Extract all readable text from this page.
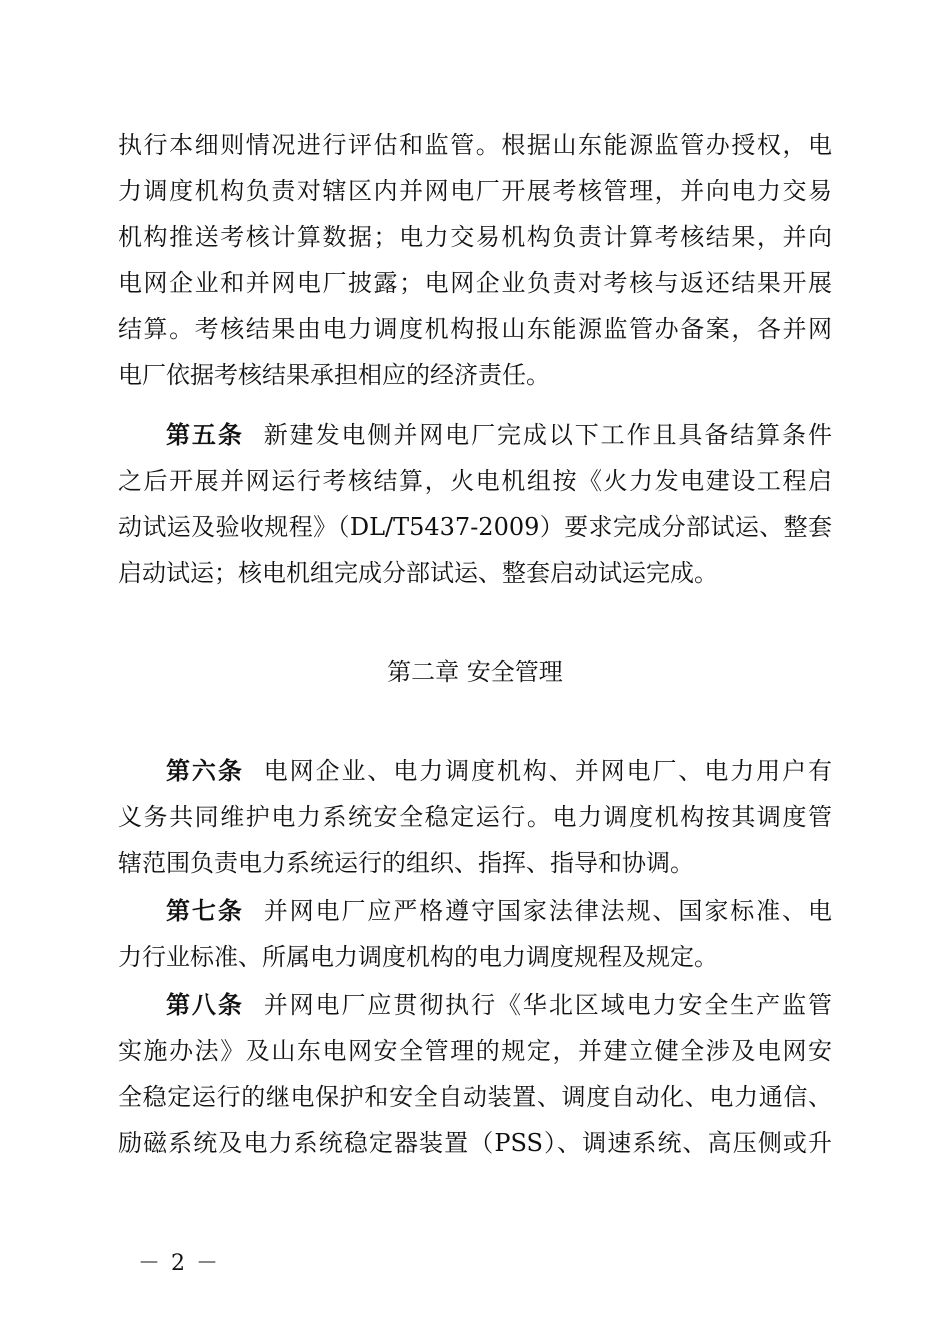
执行本细则情况进行评估和监管。根据山东能源监管办授权，电
力调度机构负责对辖区内并网电厂开展考核管理，并向电力交易
机构推送考核计算数据；电力交易机构负责计算考核结果，并向
电网企业和并网电厂披露；电网企业负责对考核与返还结果开展
结算。考核结果由电力调度机构报山东能源监管办备案，各并网
电厂依据考核结果承担相应的经济责任。
第五条 新建发电侧并网电厂完成以下工作且具备结算条件
之后开展并网运行考核结算，火电机组按《火力发电建设工程启
动试运及验收规程》（DL/T5437-2009）要求完成分部试运、整套
启动试运；核电机组完成分部试运、整套启动试运完成。
第二章 安全管理
第六条 电网企业、电力调度机构、并网电厂、电力用户有
义务共同维护电力系统安全稳定运行。电力调度机构按其调度管
辖范围负责电力系统运行的组织、指挥、指导和协调。
第七条 并网电厂应严格遵守国家法律法规、国家标准、电
力行业标准、所属电力调度机构的电力调度规程及规定。
第八条 并网电厂应贯彻执行《华北区域电力安全生产监管
实施办法》及山东电网安全管理的规定，并建立健全涉及电网安
全稳定运行的继电保护和安全自动装置、调度自动化、电力通信、
励磁系统及电力系统稳定器装置（PSS）、调速系统、高压侧或升
－ 2 －
